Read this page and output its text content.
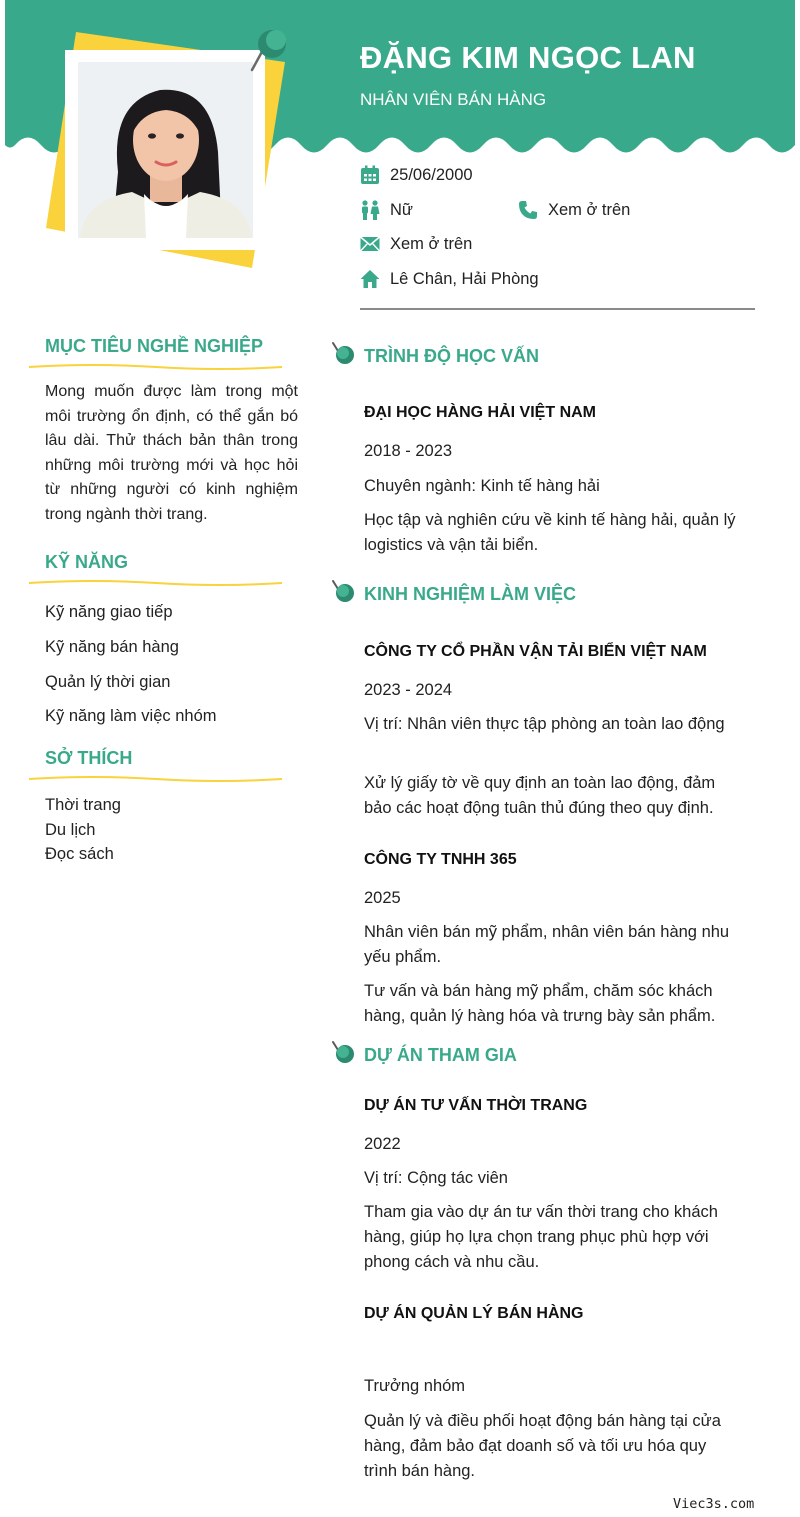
ĐẶNG KIM NGỌC LAN
NHÂN VIÊN BÁN HÀNG
25/06/2000
Nữ	Xem ở trên
Xem ở trên
Lê Chân, Hải Phòng
MỤC TIÊU NGHỀ NGHIỆP
Mong muốn được làm trong một môi trường ổn định, có thể gắn bó lâu dài. Thử thách bản thân trong những môi trường mới và học hỏi từ những người có kinh nghiệm trong ngành thời trang.
KỸ NĂNG
Kỹ năng giao tiếp
Kỹ năng bán hàng
Quản lý thời gian
Kỹ năng làm việc nhóm
SỞ THÍCH
Thời trang
Du lịch
Đọc sách
TRÌNH ĐỘ HỌC VẤN
ĐẠI HỌC HÀNG HẢI VIỆT NAM
2018 - 2023
Chuyên ngành: Kinh tế hàng hải
Học tập và nghiên cứu về kinh tế hàng hải, quản lý logistics và vận tải biển.
KINH NGHIỆM LÀM VIỆC
CÔNG TY CỔ PHẦN VẬN TẢI BIỂN VIỆT NAM
2023 - 2024
Vị trí: Nhân viên thực tập phòng an toàn lao động
Xử lý giấy tờ về quy định an toàn lao động, đảm bảo các hoạt động tuân thủ đúng theo quy định.
CÔNG TY TNHH 365
2025
Nhân viên bán mỹ phẩm, nhân viên bán hàng nhu yếu phẩm.
Tư vấn và bán hàng mỹ phẩm, chăm sóc khách hàng, quản lý hàng hóa và trưng bày sản phẩm.
DỰ ÁN THAM GIA
DỰ ÁN TƯ VẤN THỜI TRANG
2022
Vị trí: Cộng tác viên
Tham gia vào dự án tư vấn thời trang cho khách hàng, giúp họ lựa chọn trang phục phù hợp với phong cách và nhu cầu.
DỰ ÁN QUẢN LÝ BÁN HÀNG
Trưởng nhóm
Quản lý và điều phối hoạt động bán hàng tại cửa hàng, đảm bảo đạt doanh số và tối ưu hóa quy trình bán hàng.
Viec3s.com
